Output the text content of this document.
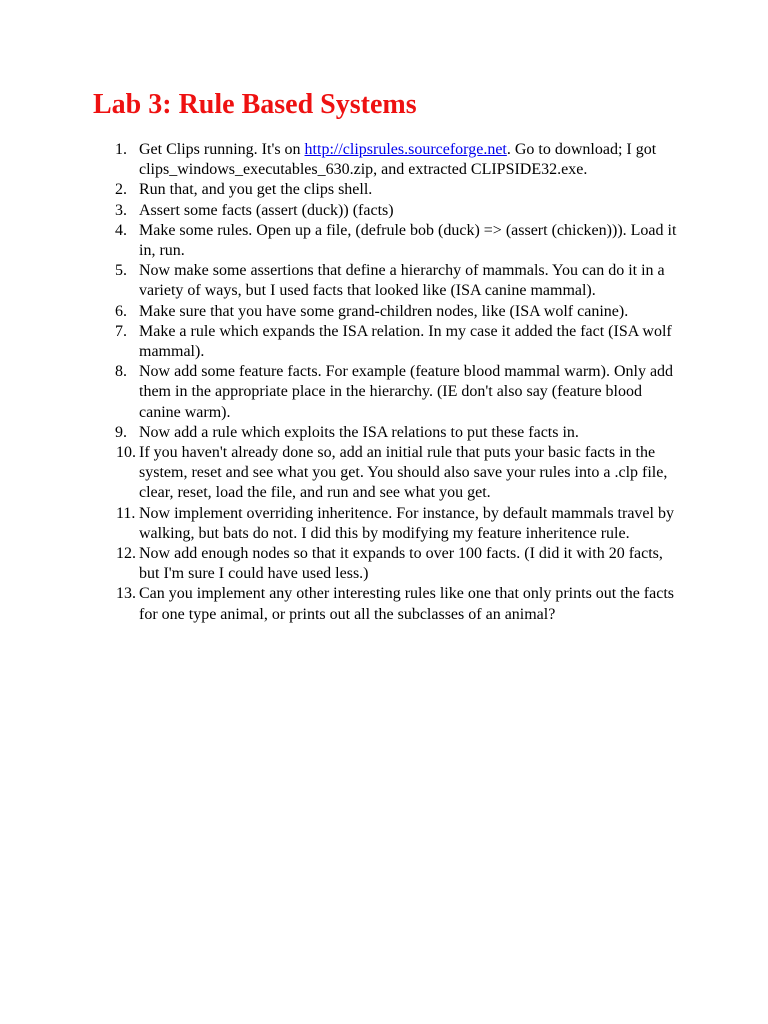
Lab 3: Rule Based Systems
1. Get Clips running. It's on http://clipsrules.sourceforge.net. Go to download; I got clips_windows_executables_630.zip, and extracted CLIPSIDE32.exe.
2. Run that, and you get the clips shell.
3. Assert some facts (assert (duck)) (facts)
4. Make some rules. Open up a file, (defrule bob (duck) => (assert (chicken))). Load it in, run.
5. Now make some assertions that define a hierarchy of mammals. You can do it in a variety of ways, but I used facts that looked like (ISA canine mammal).
6. Make sure that you have some grand-children nodes, like (ISA wolf canine).
7. Make a rule which expands the ISA relation. In my case it added the fact (ISA wolf mammal).
8. Now add some feature facts. For example (feature blood mammal warm). Only add them in the appropriate place in the hierarchy. (IE don't also say (feature blood canine warm).
9. Now add a rule which exploits the ISA relations to put these facts in.
10. If you haven't already done so, add an initial rule that puts your basic facts in the system, reset and see what you get. You should also save your rules into a .clp file, clear, reset, load the file, and run and see what you get.
11. Now implement overriding inheritence. For instance, by default mammals travel by walking, but bats do not. I did this by modifying my feature inheritence rule.
12. Now add enough nodes so that it expands to over 100 facts. (I did it with 20 facts, but I'm sure I could have used less.)
13. Can you implement any other interesting rules like one that only prints out the facts for one type animal, or prints out all the subclasses of an animal?
